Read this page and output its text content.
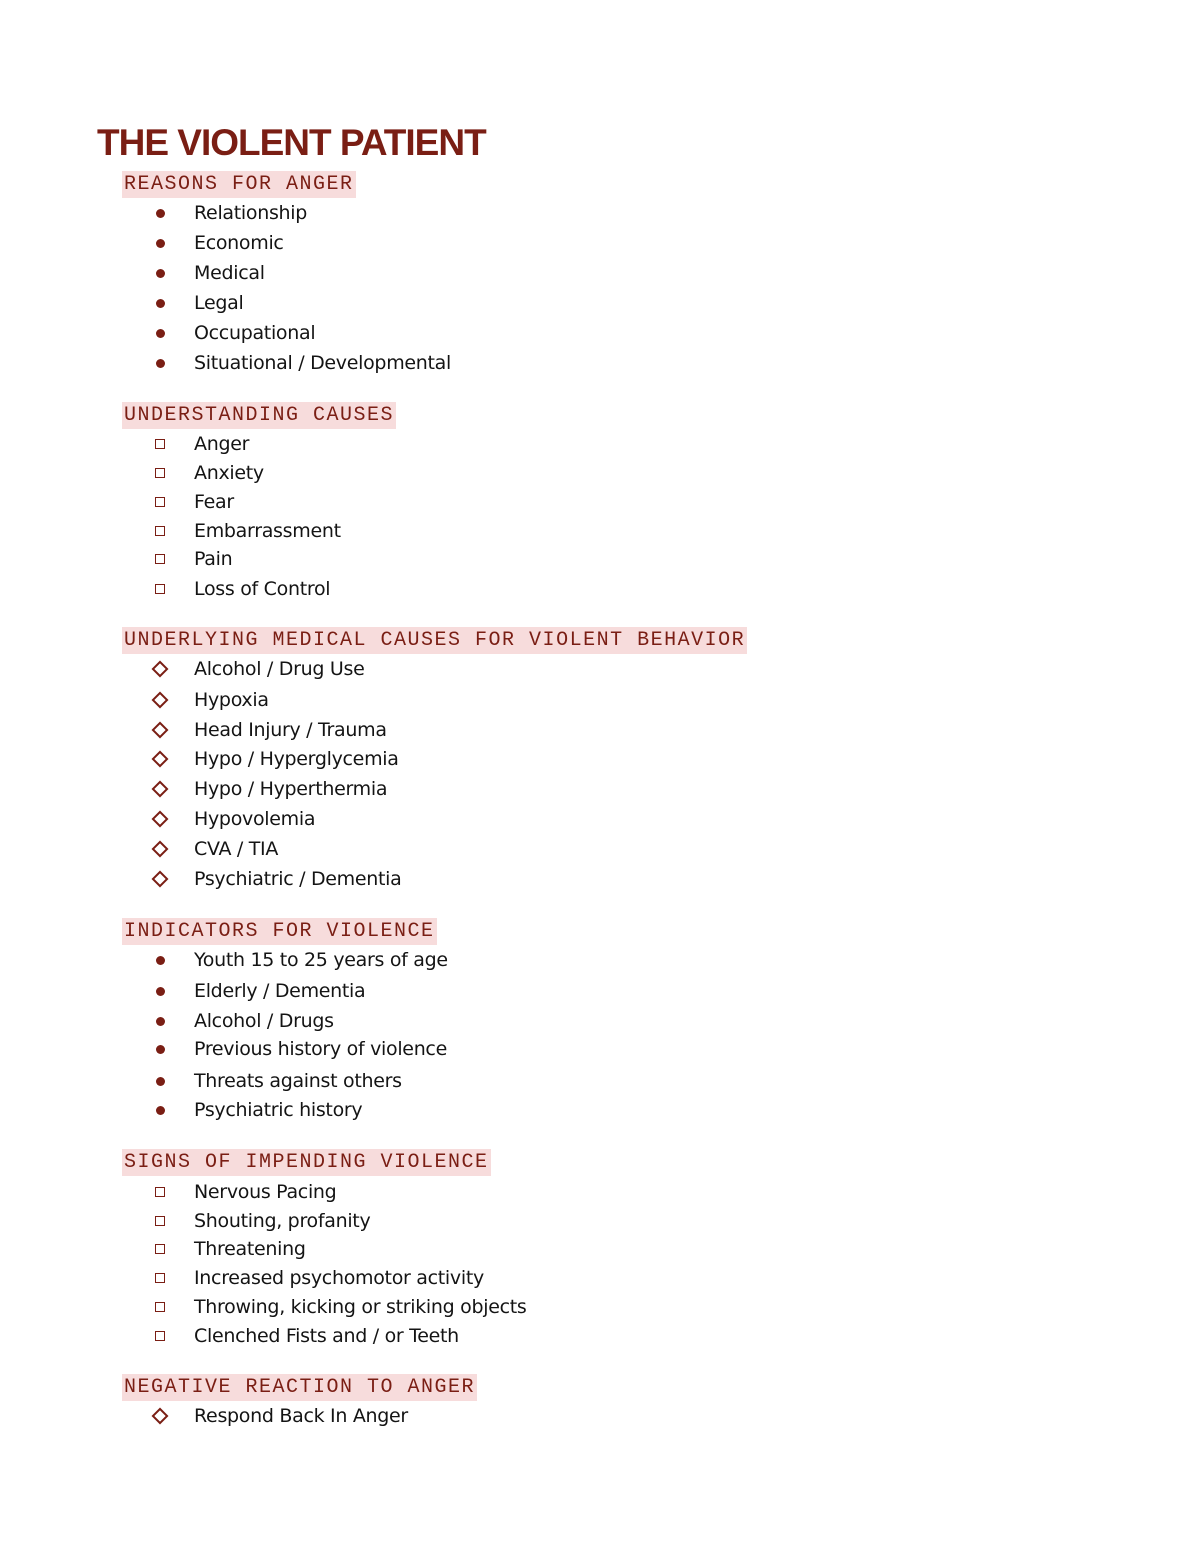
THE VIOLENT PATIENT
REASONS FOR ANGER
Relationship
Economic
Medical
Legal
Occupational
Situational / Developmental
UNDERSTANDING CAUSES
Anger
Anxiety
Fear
Embarrassment
Pain
Loss of Control
UNDERLYING MEDICAL CAUSES FOR VIOLENT BEHAVIOR
Alcohol / Drug Use
Hypoxia
Head Injury / Trauma
Hypo / Hyperglycemia
Hypo / Hyperthermia
Hypovolemia
CVA / TIA
Psychiatric / Dementia
INDICATORS FOR VIOLENCE
Youth 15 to 25 years of age
Elderly / Dementia
Alcohol / Drugs
Previous history of violence
Threats against others
Psychiatric history
SIGNS OF IMPENDING VIOLENCE
Nervous Pacing
Shouting, profanity
Threatening
Increased psychomotor activity
Throwing, kicking or striking objects
Clenched Fists and / or Teeth
NEGATIVE REACTION TO ANGER
Respond Back In Anger
